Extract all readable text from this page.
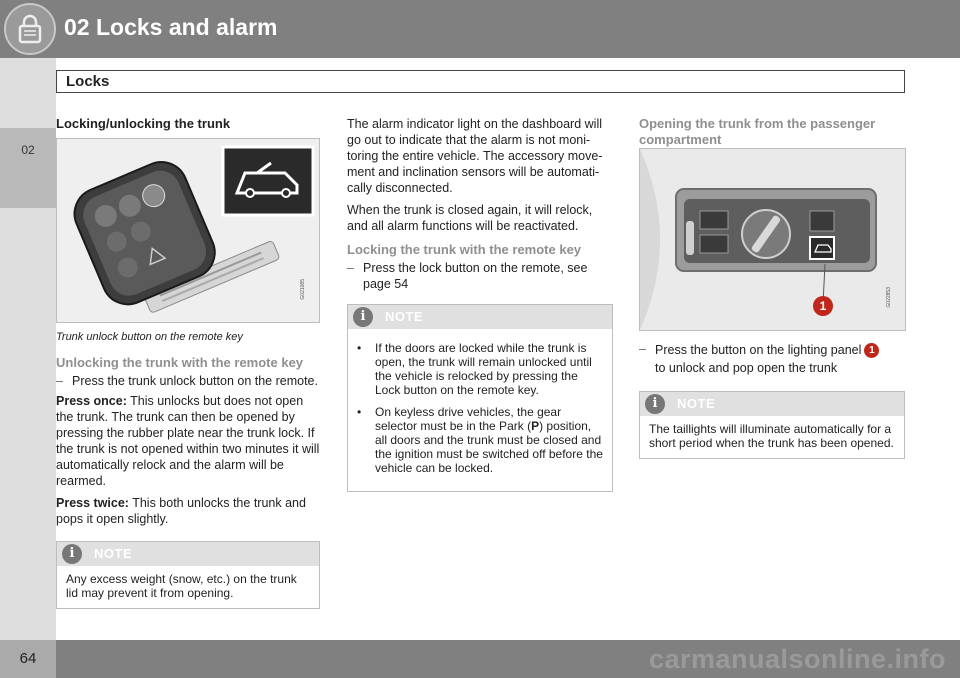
02 Locks and alarm
02
Locks
Locking/unlocking the trunk
G021085
Trunk unlock button on the remote key
Unlocking the trunk with the remote key
– Press the trunk unlock button on the remote.

Press once: This unlocks but does not open the trunk. The trunk can then be opened by pressing the rubber plate near the trunk lock. If the trunk is not opened within two minutes it will automatically relock and the alarm will be rearmed.

Press twice: This both unlocks the trunk and pops it open slightly.

i	NOTE
Any excess weight (snow, etc.) on the trunk lid may prevent it from opening.

The alarm indicator light on the dashboard will go out to indicate that the alarm is not moni-toring the entire vehicle. The accessory move-ment and inclination sensors will be automati-cally disconnected.

When the trunk is closed again, it will relock, and all alarm functions will be reactivated.

Locking the trunk with the remote key
– Press the lock button on the remote, see page 54
i	NOTE
•	If the doors are locked while the trunk is open, the trunk will remain unlocked until the vehicle is relocked by pressing the Lock button on the remote key.
•	On keyless drive vehicles, the gear selector must be in the Park (P) position, all doors and the trunk must be closed and the ignition must be switched off before the vehicle can be locked.
Opening the trunk from the passenger compartment
1	G022853
– Press the button on the lighting panel 1
to unlock and pop open the trunk
i	NOTE
The taillights will illuminate automatically for a short period when the trunk has been opened.
64	carmanualsonline.info
